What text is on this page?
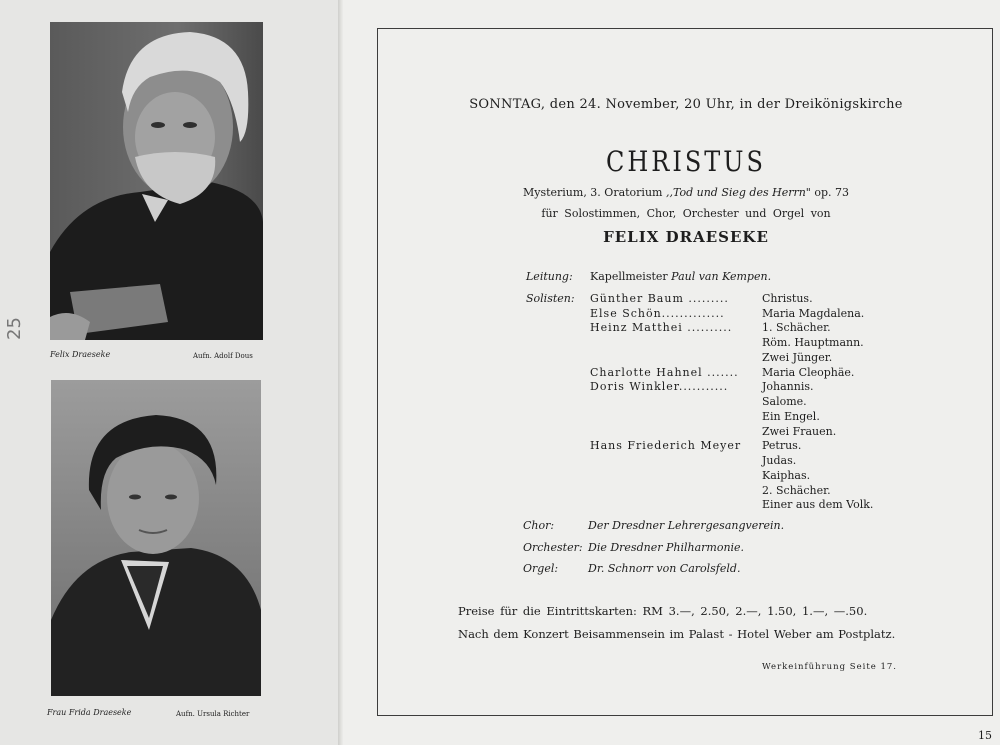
25
Felix Draeseke	Aufn. Adolf Dous
Frau Frida Draeseke	Aufn. Ursula Richter
SONNTAG, den 24. November, 20 Uhr, in der Dreikönigskirche
CHRISTUS
Mysterium, 3. Oratorium ,,Tod und Sieg des Herrn" op. 73
für Solostimmen, Chor, Orchester und Orgel von
FELIX DRAESEKE
Leitung: Kapellmeister Paul van Kempen.
Solisten: Günther Baum .........	Christus.
Else Schön..............	Maria Magdalena.
Heinz Matthei ..........	1. Schächer.
Röm. Hauptmann.
Zwei Jünger.
Charlotte Hahnel ....... Maria Cleophäe.
Doris Winkler...........	Johannis.
Salome.
Ein Engel.
Zwei Frauen.
Hans Friederich Meyer Petrus.
Judas.
Kaiphas.
2. Schächer.
Einer aus dem Volk.
Chor:	Der Dresdner Lehrergesangverein.
Orchester: Die Dresdner Philharmonie.
Orgel:	Dr. Schnorr von Carolsfeld.
Preise für die Eintrittskarten: RM 3.—, 2.50, 2.—, 1.50, 1.—, —.50.
Nach dem Konzert Beisammensein im Palast - Hotel Weber am Postplatz.
Werkeinführung Seite 17.
15
